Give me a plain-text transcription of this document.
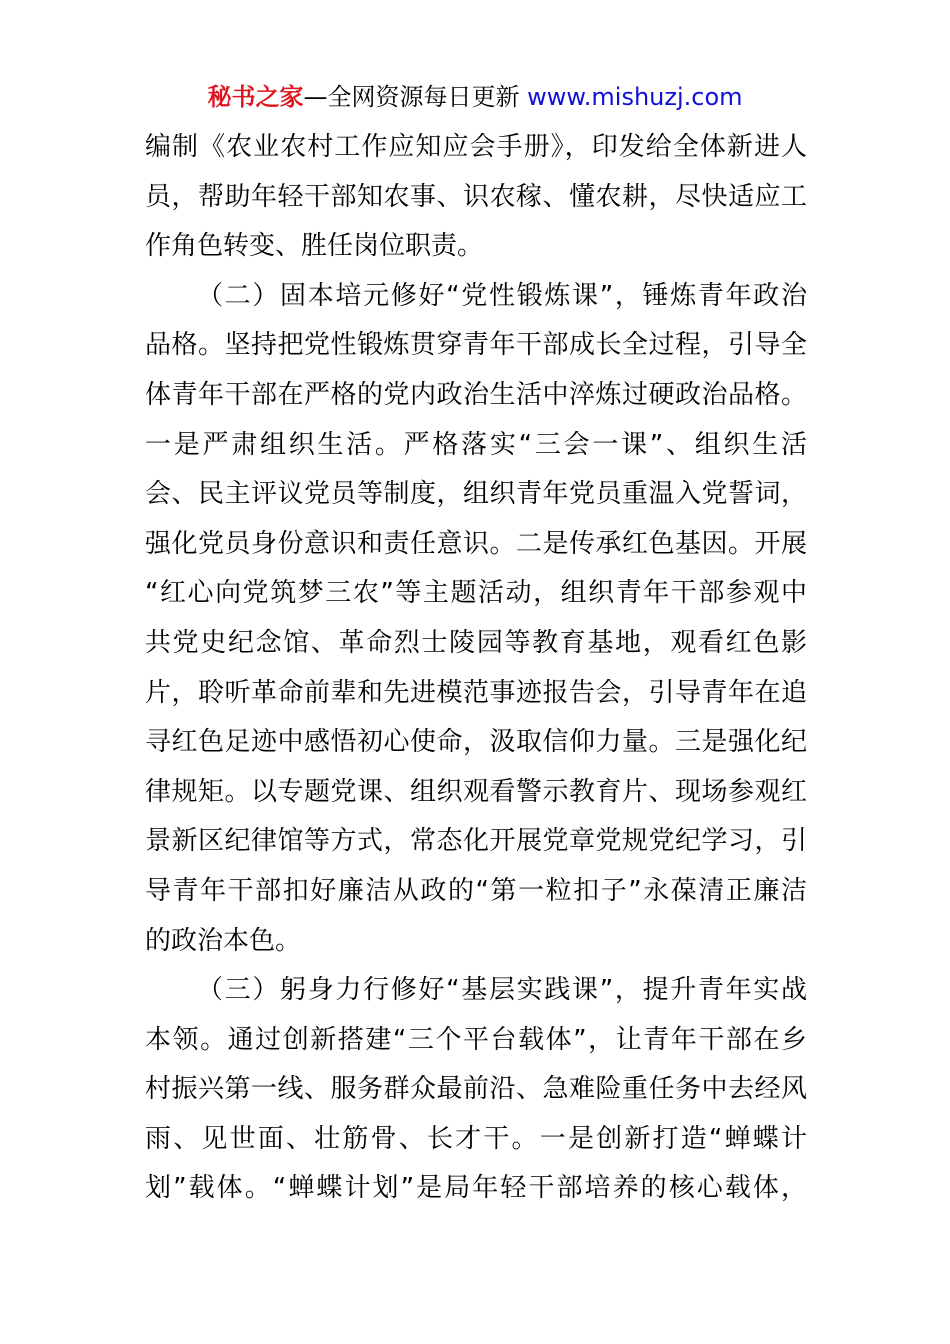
秘书之家—全网资源每日更新 www.mishuzj.com
编制《农业农村工作应知应会手册》，印发给全体新进人
员，帮助年轻干部知农事、识农稼、懂农耕，尽快适应工
作角色转变、胜任岗位职责。
（二）固本培元修好“党性锻炼课”，锤炼青年政治
品格。坚持把党性锻炼贯穿青年干部成长全过程，引导全
体青年干部在严格的党内政治生活中淬炼过硬政治品格。
一是严肃组织生活。严格落实“三会一课”、组织生活
会、民主评议党员等制度，组织青年党员重温入党誓词，
强化党员身份意识和责任意识。二是传承红色基因。开展
“红心向党筑梦三农”等主题活动，组织青年干部参观中
共党史纪念馆、革命烈士陵园等教育基地，观看红色影
片，聆听革命前辈和先进模范事迹报告会，引导青年在追
寻红色足迹中感悟初心使命，汲取信仰力量。三是强化纪
律规矩。以专题党课、组织观看警示教育片、现场参观红
景新区纪律馆等方式，常态化开展党章党规党纪学习，引
导青年干部扣好廉洁从政的“第一粒扣子”永葆清正廉洁
的政治本色。
（三）躬身力行修好“基层实践课”，提升青年实战
本领。通过创新搭建“三个平台载体”，让青年干部在乡
村振兴第一线、服务群众最前沿、急难险重任务中去经风
雨、见世面、壮筋骨、长才干。一是创新打造“蝉蝶计
划”载体。“蝉蝶计划”是局年轻干部培养的核心载体，
